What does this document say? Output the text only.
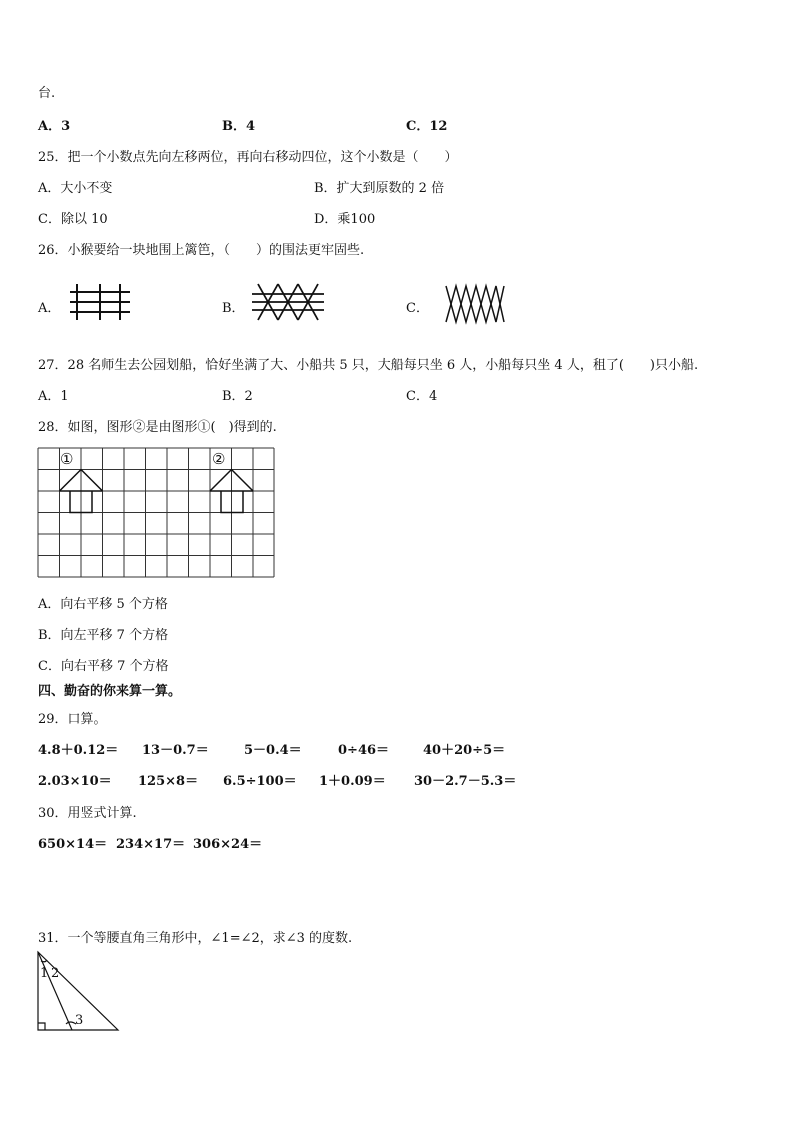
台.
A．3	B．4	C．12
25．把一个小数点先向左移两位，再向右移动四位，这个小数是（　　）
A．大小不变	B．扩大到原数的 2 倍
C．除以 10	D．乘100
26．小猴要给一块地围上篱笆，（　　）的围法更牢固些.
A．	B．	C．
27．28 名师生去公园划船，恰好坐满了大、小船共 5 只，大船每只坐 6 人，小船每只坐 4 人，租了(　　)只小船.
A．1	B．2	C．4
28．如图，图形②是由图形①(　)得到的.
①	②
A．向右平移 5 个方格
B．向左平移 7 个方格
C．向右平移 7 个方格
四、勤奋的你来算一算。
29．口算。
4.8＋0.12＝ 13－0.7＝	5－0.4＝	0÷46＝	40＋20÷5＝
2.03×10＝ 125×8＝ 6.5÷100＝ 1＋0.09＝ 30－2.7－5.3＝
30．用竖式计算.
650×14＝ 234×17＝ 306×24＝
31．一个等腰直角三角形中，∠1=∠2，求∠3 的度数.
1 2
3
